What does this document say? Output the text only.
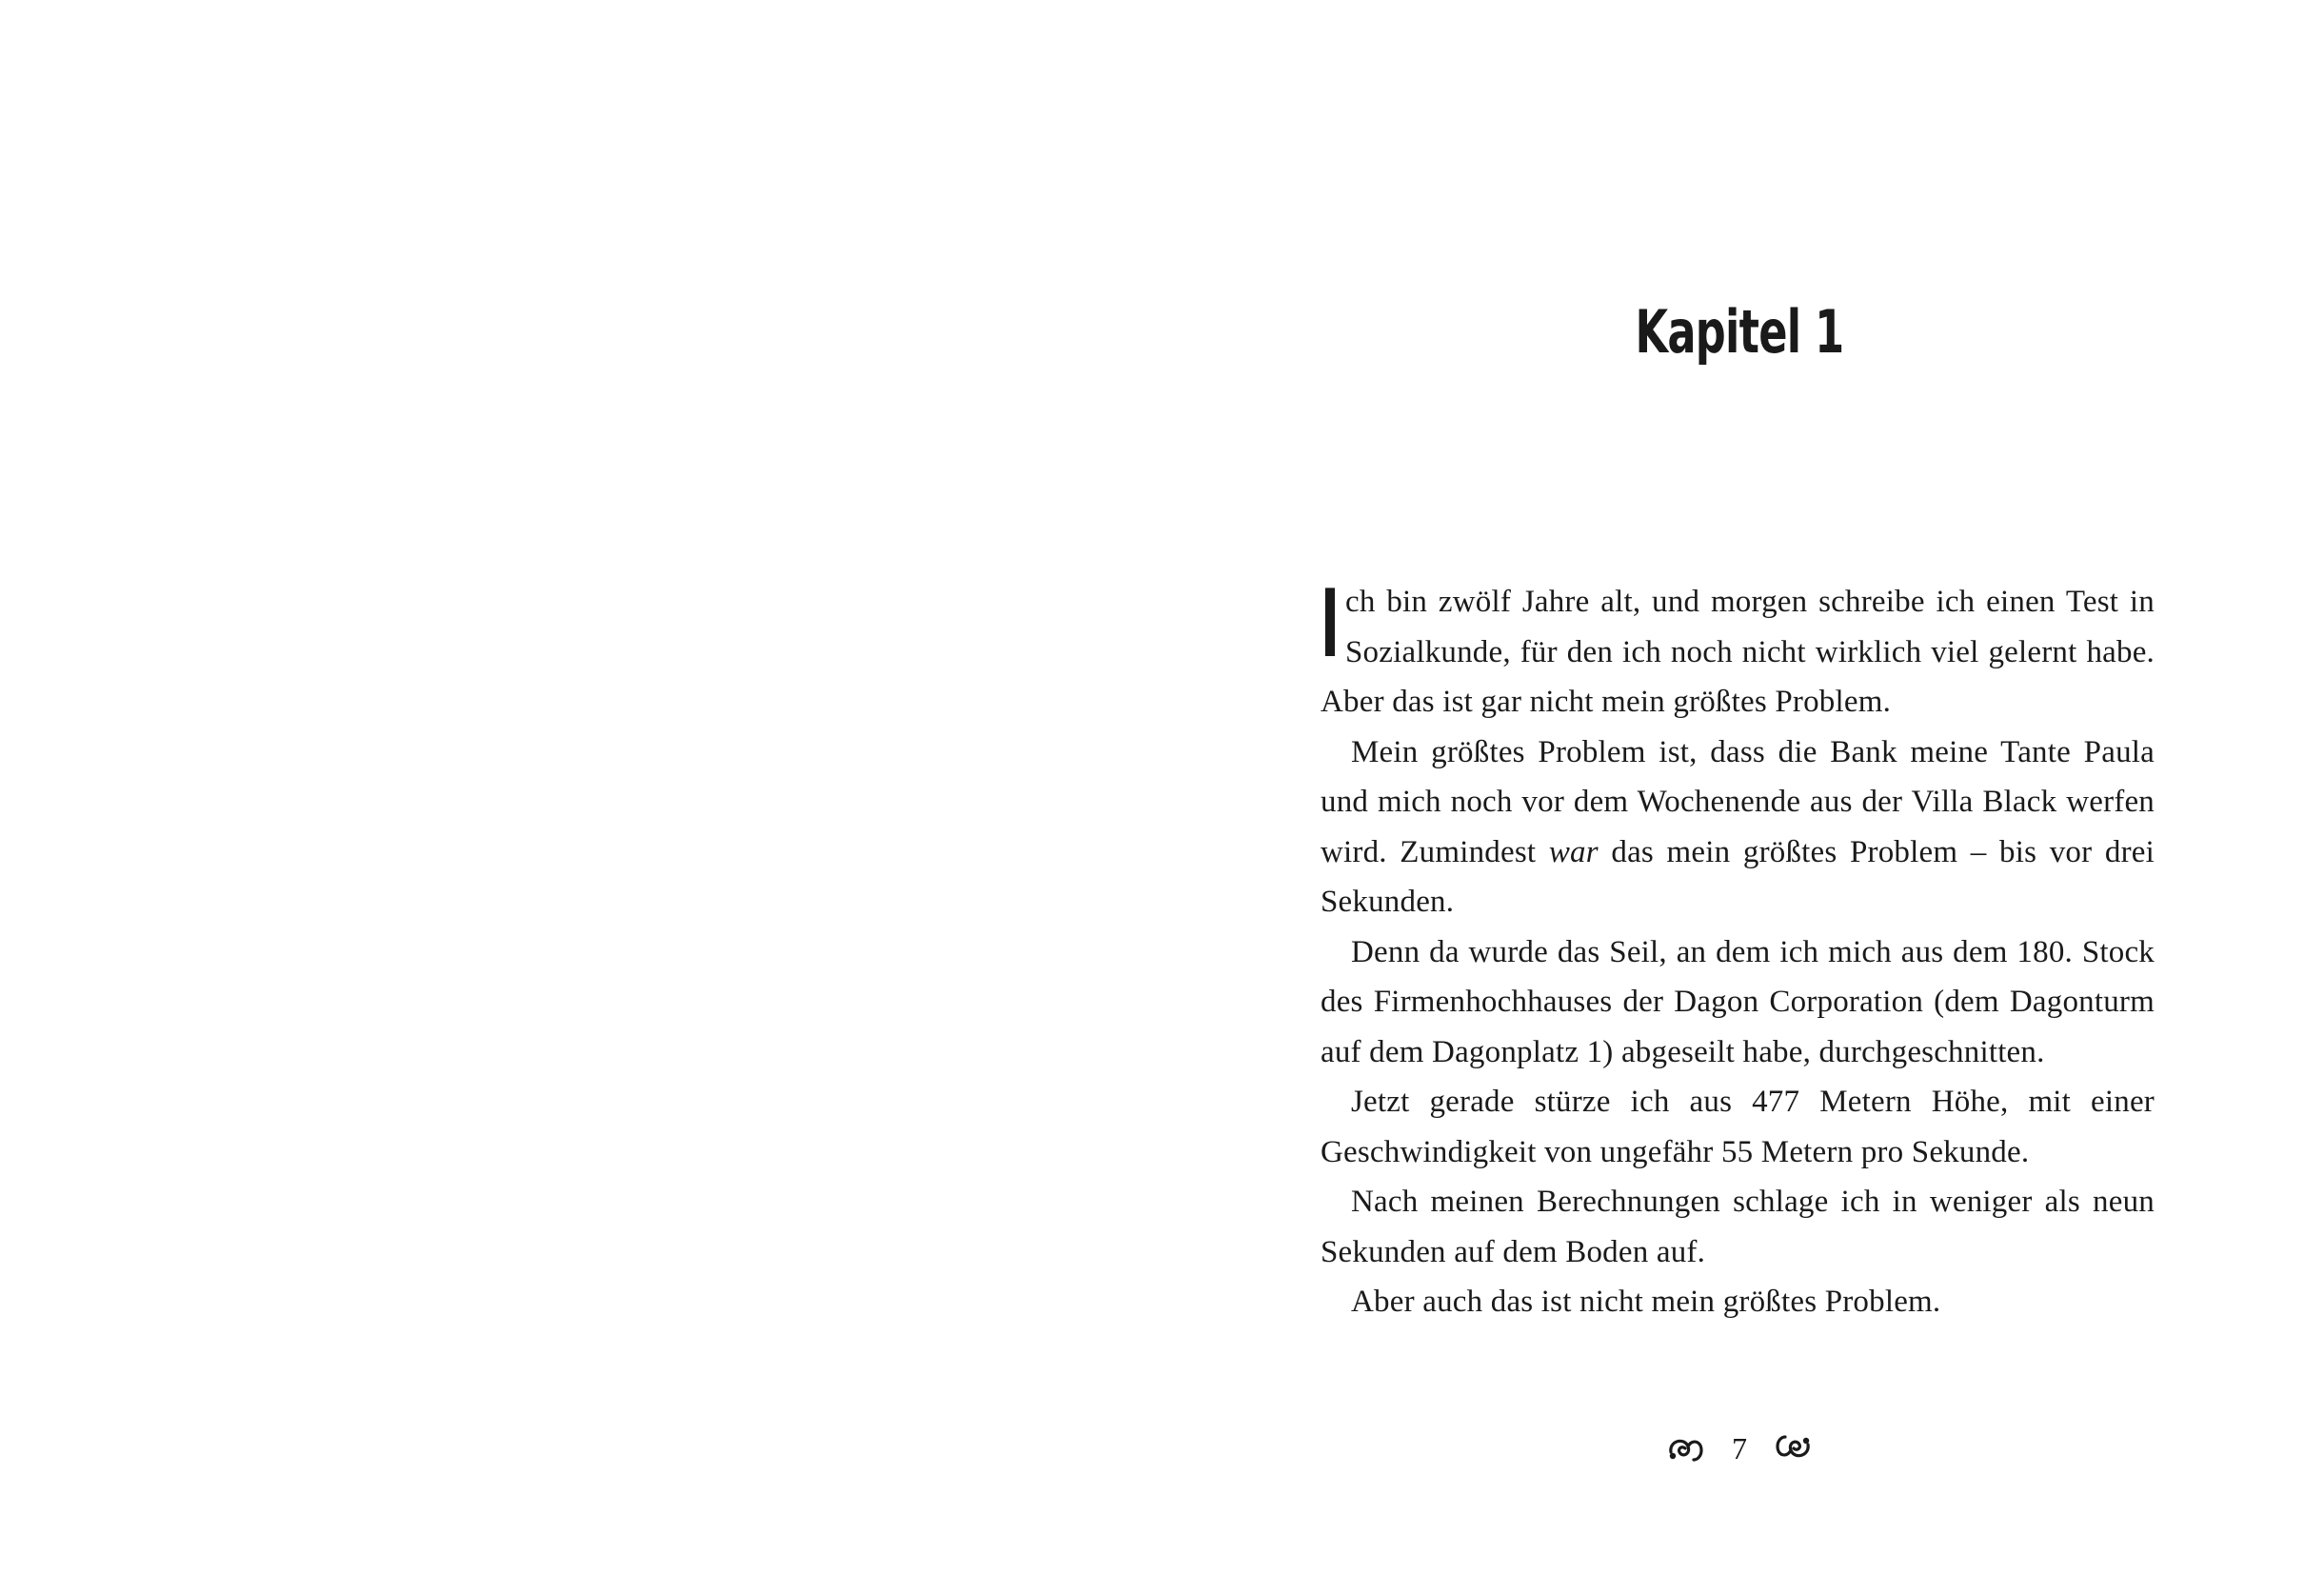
Kapitel 1

Ich bin zwölf Jahre alt, und morgen schreibe ich einen Test in Sozialkunde, für den ich noch nicht wirklich viel gelernt habe. Aber das ist gar nicht mein größtes Problem.

Mein größtes Problem ist, dass die Bank meine Tante Paula und mich noch vor dem Wochenende aus der Villa Black werfen wird. Zumindest war das mein größtes Problem – bis vor drei Sekunden.

Denn da wurde das Seil, an dem ich mich aus dem 180. Stock des Firmenhochhauses der Dagon Corporation (dem Dagonturm auf dem Dagonplatz 1) abgeseilt habe, durchgeschnitten.

Jetzt gerade stürze ich aus 477 Metern Höhe, mit einer Geschwindigkeit von ungefähr 55 Metern pro Sekunde.

Nach meinen Berechnungen schlage ich in weniger als neun Sekunden auf dem Boden auf.

Aber auch das ist nicht mein größtes Problem.

7
